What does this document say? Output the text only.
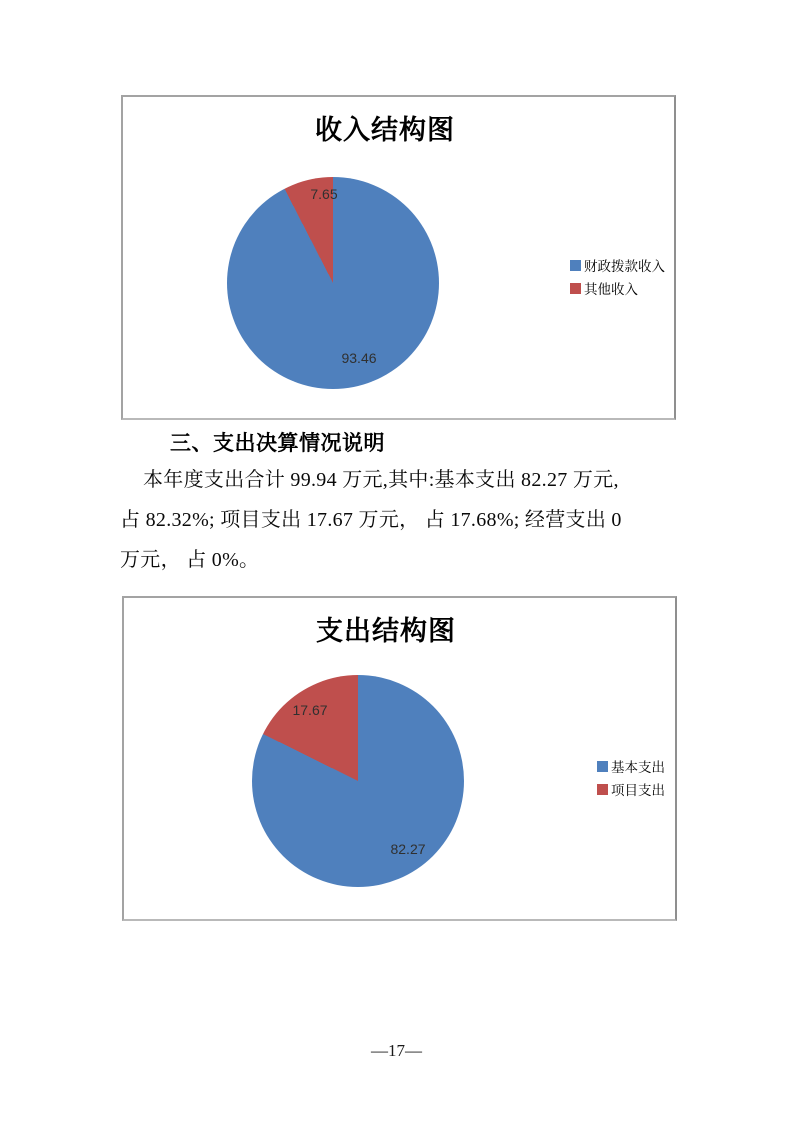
收入结构图
7.65
93.46
财政拨款收入
其他收入
三、支出决算情况说明
本年度支出合计 99.94 万元,其中:基本支出 82.27 万元,
占 82.32%; 项目支出 17.67 万元， 占 17.68%; 经营支出 0
万元， 占 0%。
支出结构图
17.67
82.27
基本支出
项目支出
—17—
